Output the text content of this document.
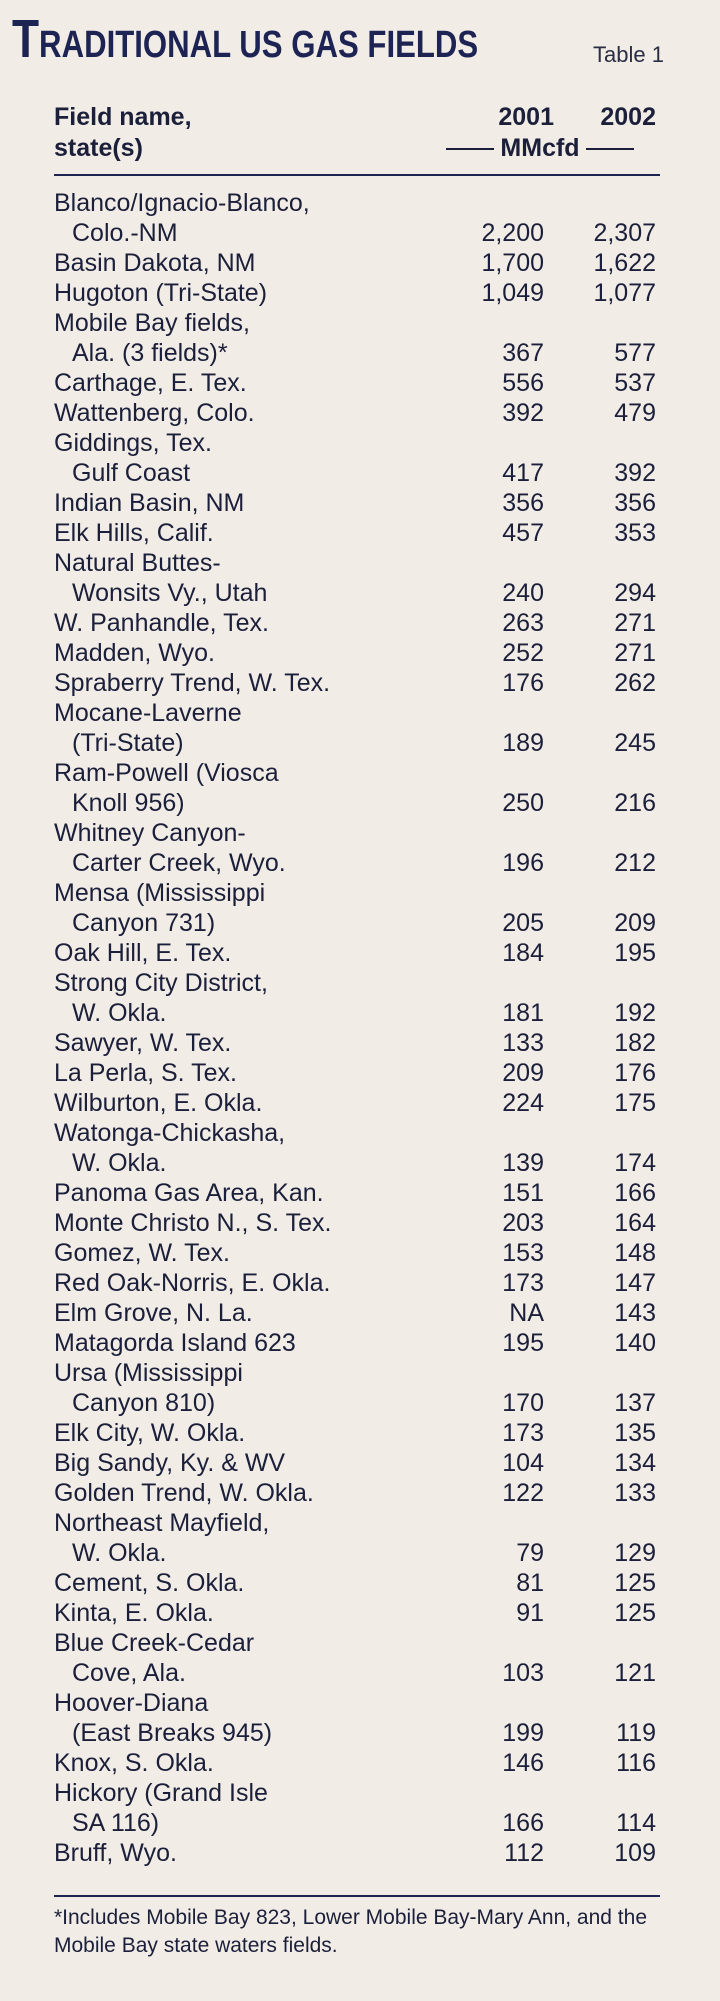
TRADITIONAL US GAS FIELDS	Table 1
Field name,
state(s)
2001	2002
MMcfd
Blanco/Ignacio-Blanco,
Colo.-NM	2,200	2,307
Basin Dakota, NM	1,700	1,622
Hugoton (Tri-State)	1,049	1,077
Mobile Bay fields,
Ala. (3 fields)*	367	577
Carthage, E. Tex.	556	537
Wattenberg, Colo.	392	479
Giddings, Tex.
Gulf Coast	417	392
Indian Basin, NM	356	356
Elk Hills, Calif.	457	353
Natural Buttes-
Wonsits Vy., Utah	240	294
W. Panhandle, Tex.	263	271
Madden, Wyo.	252	271
Spraberry Trend, W. Tex.	176	262
Mocane-Laverne
(Tri-State)	189	245
Ram-Powell (Viosca
Knoll 956)	250	216
Whitney Canyon-
Carter Creek, Wyo.	196	212
Mensa (Mississippi
Canyon 731)	205	209
Oak Hill, E. Tex.	184	195
Strong City District,
W. Okla.	181	192
Sawyer, W. Tex.	133	182
La Perla, S. Tex.	209	176
Wilburton, E. Okla.	224	175
Watonga-Chickasha,
W. Okla.	139	174
Panoma Gas Area, Kan.	151	166
Monte Christo N., S. Tex.	203	164
Gomez, W. Tex.	153	148
Red Oak-Norris, E. Okla.	173	147
Elm Grove, N. La.	NA	143
Matagorda Island 623	195	140
Ursa (Mississippi
Canyon 810)	170	137
Elk City, W. Okla.	173	135
Big Sandy, Ky. & WV	104	134
Golden Trend, W. Okla.	122	133
Northeast Mayfield,
W. Okla.	79	129
Cement, S. Okla.	81	125
Kinta, E. Okla.	91	125
Blue Creek-Cedar
Cove, Ala.	103	121
Hoover-Diana
(East Breaks 945)	199	119
Knox, S. Okla.	146	116
Hickory (Grand Isle
SA 116)	166	114
Bruff, Wyo.	112	109
*Includes Mobile Bay 823, Lower Mobile Bay-Mary Ann, and the Mobile Bay state waters fields.
